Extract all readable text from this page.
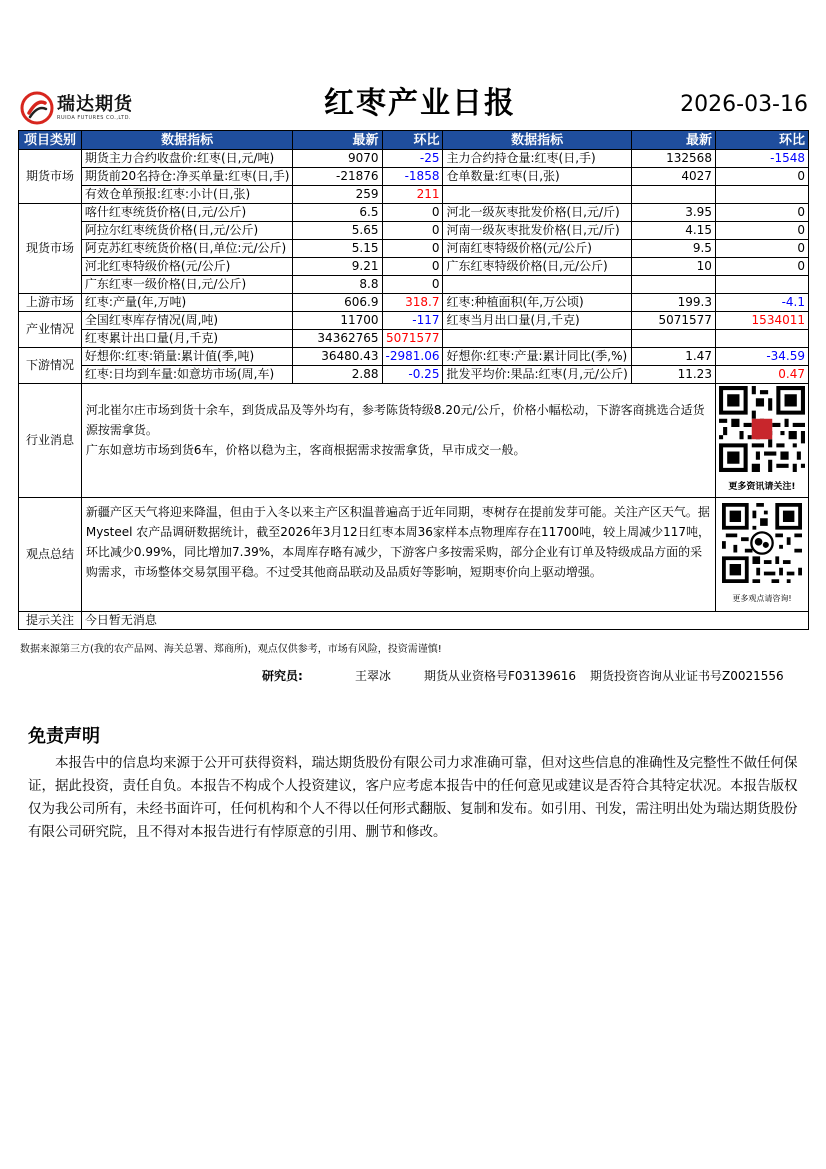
瑞达期货
RUIDA FUTURES CO.,LTD.	红枣产业日报	2026-03-16
项目类别	数据指标	最新	环比	数据指标	最新	环比
期货市场	期货主力合约收盘价:红枣(日,元/吨)	9070	-25	主力合约持仓量:红枣(日,手)	132568	-1548
	期货前20名持仓:净买单量:红枣(日,手)	-21876	-1858	仓单数量:红枣(日,张)	4027	0
	有效仓单预报:红枣:小计(日,张)	259	211			
现货市场	喀什红枣统货价格(日,元/公斤)	6.5	0	河北一级灰枣批发价格(日,元/斤)	3.95	0
	阿拉尔红枣统货价格(日,元/公斤)	5.65	0	河南一级灰枣批发价格(日,元/斤)	4.15	0
	阿克苏红枣统货价格(日,单位:元/公斤)	5.15	0	河南红枣特级价格(元/公斤)	9.5	0
	河北红枣特级价格(元/公斤)	9.21	0	广东红枣特级价格(日,元/公斤)	10	0
	广东红枣一级价格(日,元/公斤)	8.8	0			
上游市场	红枣:产量(年,万吨)	606.9	318.7	红枣:种植面积(年,万公顷)	199.3	-4.1
产业情况	全国红枣库存情况(周,吨)	11700	-117	红枣当月出口量(月,千克)	5071577	1534011
	红枣累计出口量(月,千克)	34362765	5071577			
下游情况	好想你:红枣:销量:累计值(季,吨)	36480.43	-2981.06	好想你:红枣:产量:累计同比(季,%)	1.47	-34.59
	红枣:日均到车量:如意坊市场(周,车)	2.88	-0.25	批发平均价:果品:红枣(月,元/公斤)	11.23	0.47
行业消息	河北崔尔庄市场到货十余车，到货成品及等外均有，参考陈货特级8.20元/公斤，价格小幅松动，下游客商挑选合适货源按需拿货。
广东如意坊市场到货6车，价格以稳为主，客商根据需求按需拿货，早市成交一般。					更多资讯请关注!

观点总结	新疆产区天气将迎来降温，但由于入冬以来主产区积温普遍高于近年同期，枣树存在提前发芽可能。关注产区天气。据 Mysteel 农产品调研数据统计，截至2026年3月12日红枣本周36家样本点物理库存在11700吨，较上周减少117吨，环比减少0.99%，同比增加7.39%，本周库存略有减少，下游客户多按需采购，部分企业有订单及特级成品方面的采购需求，市场整体交易氛围平稳。不过受其他商品联动及品质好等影响，短期枣价向上驱动增强。					更多观点请咨询!

提示关注	今日暂无消息					
数据来源第三方(我的农产品网、海关总署、郑商所)，观点仅供参考，市场有风险，投资需谨慎!
研究员:	王翠冰	期货从业资格号F03139616 期货投资咨询从业证书号Z0021556
免责声明
本报告中的信息均来源于公开可获得资料，瑞达期货股份有限公司力求准确可靠，但对这些信息的准确性及完整性不做任何保证，据此投资，责任自负。本报告不构成个人投资建议，客户应考虑本报告中的任何意见或建议是否符合其特定状况。本报告版权仅为我公司所有，未经书面许可，任何机构和个人不得以任何形式翻版、复制和发布。如引用、刊发，需注明出处为瑞达期货股份有限公司研究院，且不得对本报告进行有悖原意的引用、删节和修改。
